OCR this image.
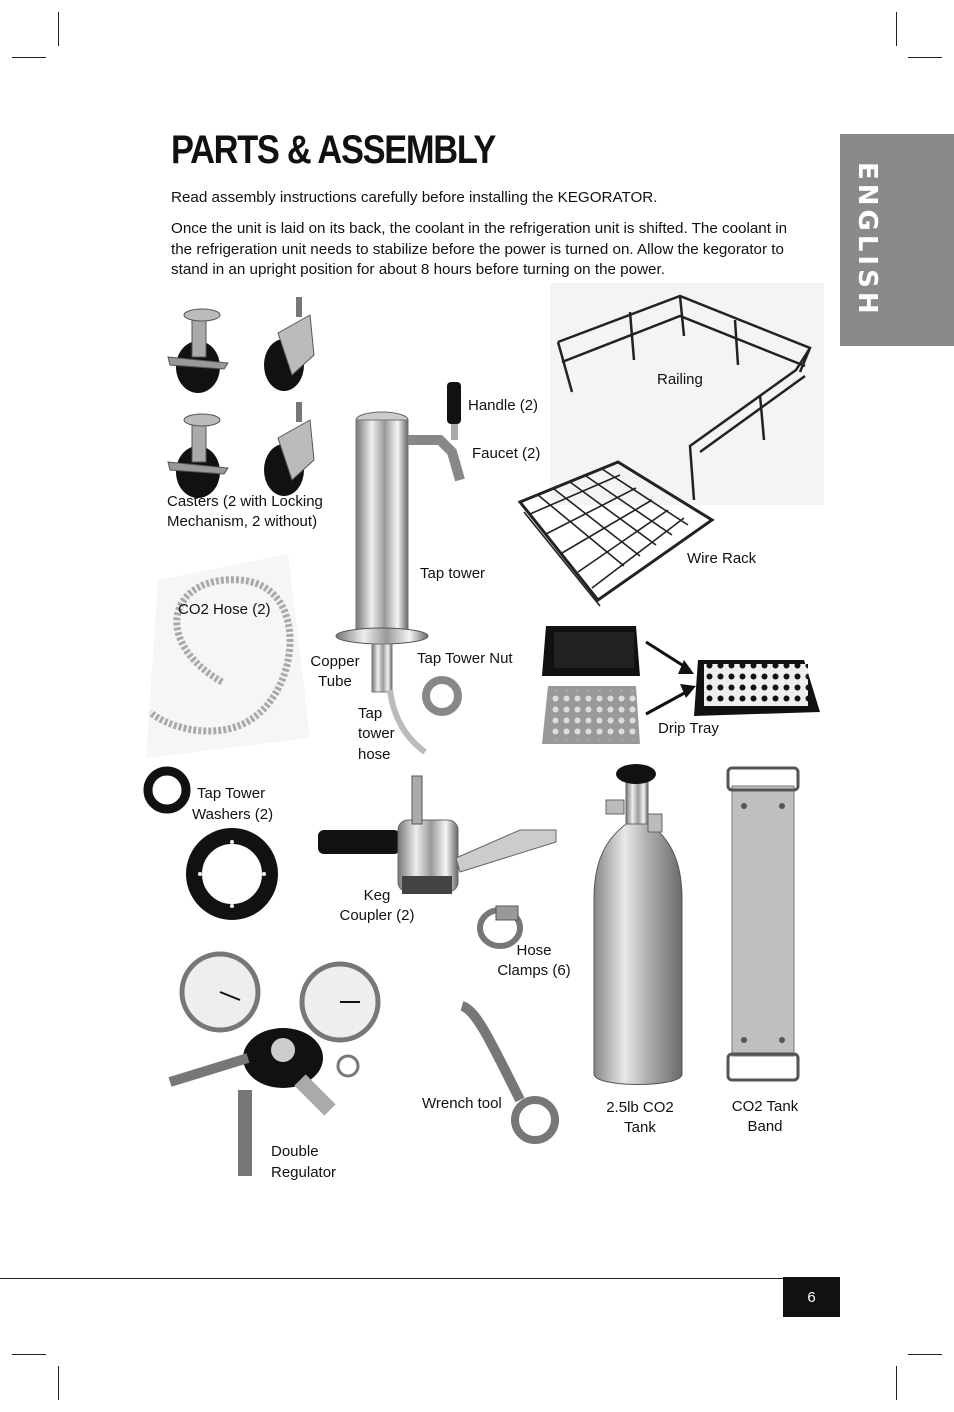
ENGLISH
PARTS & ASSEMBLY

Read assembly instructions carefully before installing the KEGORATOR.

Once the unit is laid on its back, the coolant in the refrigeration unit is shifted. The coolant in the refrigeration unit needs to stabilize before the power is turned on. Allow the kegorator to stand in an upright position for about 8 hours before turning on the power.

Casters (2 with Locking
Mechanism, 2 without)
Handle (2)
Faucet (2)
Railing
Wire Rack
Tap tower
CO2 Hose (2)
Copper
Tube
Tap Tower Nut
Tap
tower
hose
Drip Tray
Tap Tower
Washers (2)
Keg
Coupler (2)
Hose
Clamps (6)
Double
Regulator
Wrench tool	2.5lb CO2
Tank
CO2 Tank
Band
6
